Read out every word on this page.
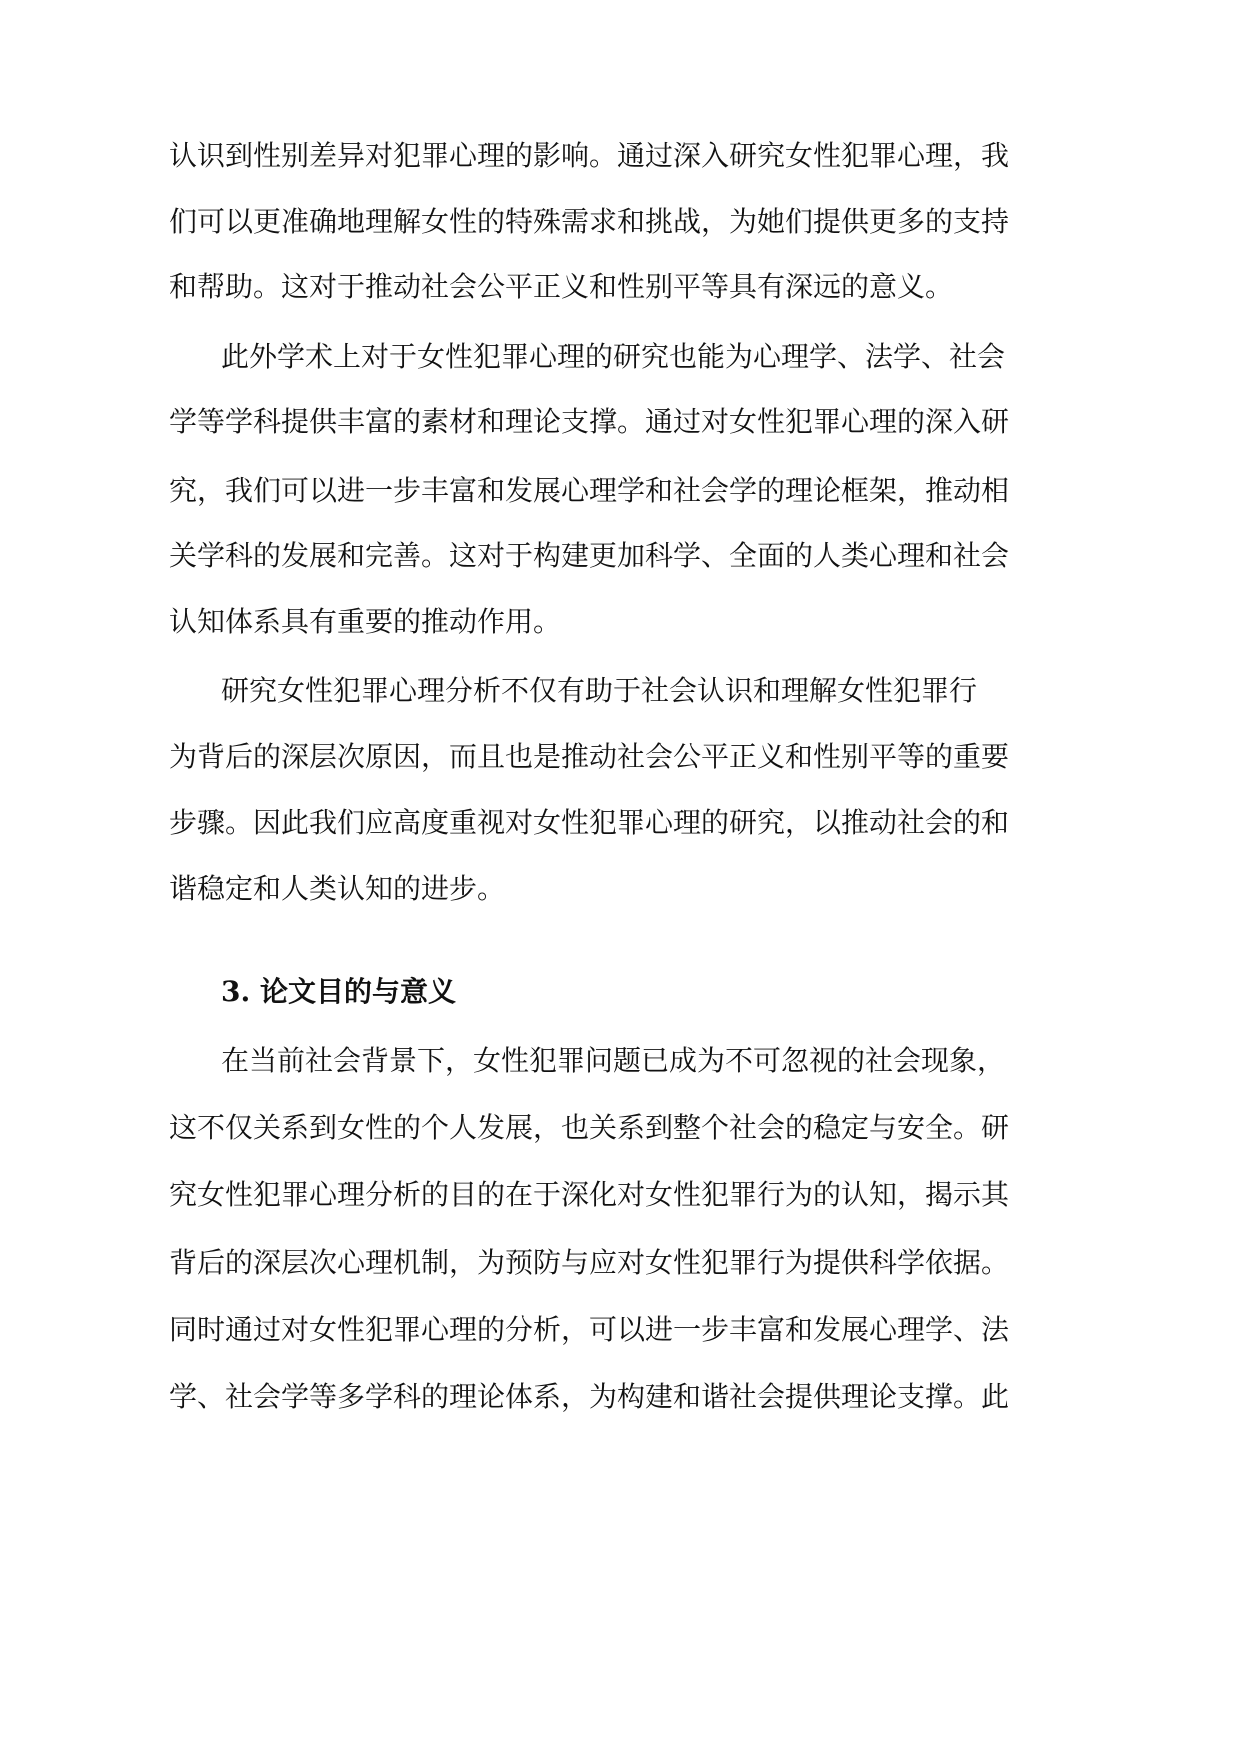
认识到性别差异对犯罪心理的影响。通过深入研究女性犯罪心理，我
们可以更准确地理解女性的特殊需求和挑战，为她们提供更多的支持
和帮助。这对于推动社会公平正义和性别平等具有深远的意义。
此外学术上对于女性犯罪心理的研究也能为心理学、法学、社会
学等学科提供丰富的素材和理论支撑。通过对女性犯罪心理的深入研
究，我们可以进一步丰富和发展心理学和社会学的理论框架，推动相
关学科的发展和完善。这对于构建更加科学、全面的人类心理和社会
认知体系具有重要的推动作用。
研究女性犯罪心理分析不仅有助于社会认识和理解女性犯罪行
为背后的深层次原因，而且也是推动社会公平正义和性别平等的重要
步骤。因此我们应高度重视对女性犯罪心理的研究，以推动社会的和
谐稳定和人类认知的进步。
3. 论文目的与意义
在当前社会背景下，女性犯罪问题已成为不可忽视的社会现象，
这不仅关系到女性的个人发展，也关系到整个社会的稳定与安全。研
究女性犯罪心理分析的目的在于深化对女性犯罪行为的认知，揭示其
背后的深层次心理机制，为预防与应对女性犯罪行为提供科学依据。
同时通过对女性犯罪心理的分析，可以进一步丰富和发展心理学、法
学、社会学等多学科的理论体系，为构建和谐社会提供理论支撑。此
